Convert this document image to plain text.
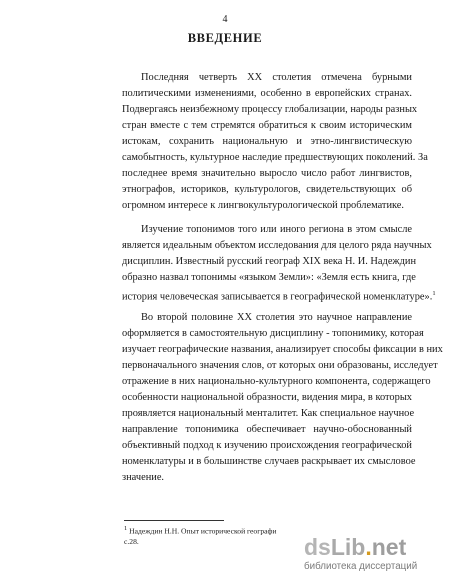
4
ВВЕДЕНИЕ
Последняя четверть XX столетия отмечена бурными
политическими изменениями, особенно в европейских странах.
Подвергаясь неизбежному процессу глобализации, народы разных
стран вместе с тем стремятся обратиться к своим историческим
истокам, сохранить национальную и этно-лингвистическую
самобытность, культурное наследие предшествующих поколений. За
последнее время значительно выросло число работ лингвистов,
этнографов, историков, культурологов, свидетельствующих об
огромном интересе к лингвокультурологической проблематике.
Изучение топонимов того или иного региона в этом смысле
является идеальным объектом исследования для целого ряда научных
дисциплин. Известный русский географ XIX века Н. И. Надеждин
образно назвал топонимы «языком Земли»: «Земля есть книга, где
история человеческая записывается в географической номенклатуре».$^1$
Во второй половине XX столетия это научное направление
оформляется в самостоятельную дисциплину - топонимику, которая
изучает географические названия, анализирует способы фиксации в них
первоначального значения слов, от которых они образованы, исследует
отражение в них национально-культурного компонента, содержащего
особенности национальной образности, видения мира, в которых
проявляется национальный менталитет. Как специальное научное
направление топонимика обеспечивает научно-обоснованный
объективный подход к изучению происхождения географической
номенклатуры и в большинстве случаев раскрывает их смысловое
значение.
1 Надеждин Н.Н. Опыт исторической географи
с.28.	dsLib.net
библиотека диссертаций
